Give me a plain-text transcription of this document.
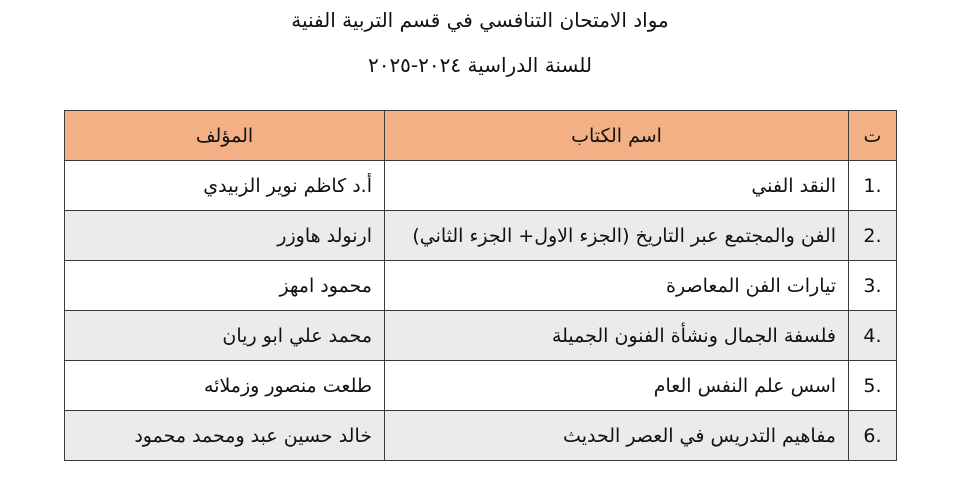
مواد الامتحان التنافسي في قسم التربية الفنية
للسنة الدراسية ٢٠٢٤-٢٠٢٥
ت	اسم الكتاب	المؤلف
1.	النقد الفني	أ.د كاظم نوير الزبيدي
2.	الفن والمجتمع عبر التاريخ (الجزء الاول+ الجزء الثاني)	ارنولد هاوزر
3.	تيارات الفن المعاصرة	محمود امهز
4.	فلسفة الجمال ونشأة الفنون الجميلة	محمد علي ابو ريان
5.	اسس علم النفس العام	طلعت منصور وزملائه
6.	مفاهيم التدريس في العصر الحديث	خالد حسين عبد ومحمد محمود
